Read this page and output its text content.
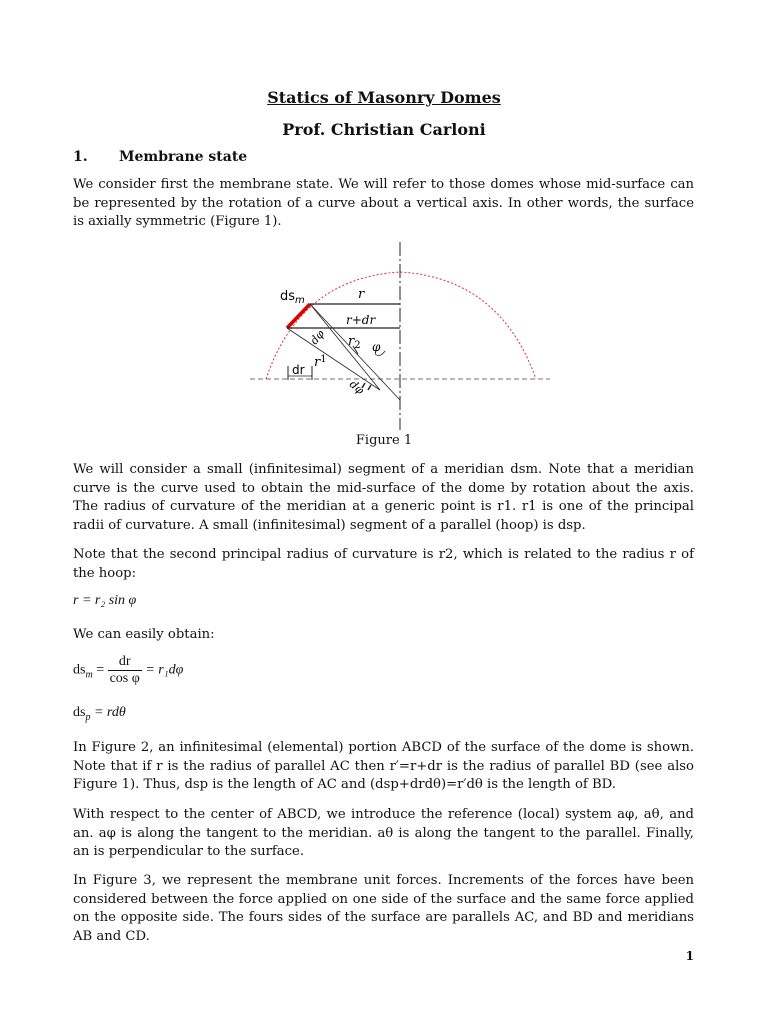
Statics of Masonry Domes
Prof. Christian Carloni
1. Membrane state
We consider first the membrane state. We will refer to those domes whose mid-surface can be represented by the rotation of a curve about a vertical axis. In other words, the surface is axially symmetric (Figure 1).
$ds_m$	r
r+dr
$r_2$ φ
dφ
$r^1$
dr
dφ
Figure 1
We will consider a small (infinitesimal) segment of a meridian dsm. Note that a meridian curve is the curve used to obtain the mid-surface of the dome by rotation about the axis. The radius of curvature of the meridian at a generic point is r1. r1 is one of the principal radii of curvature. A small (infinitesimal) segment of a parallel (hoop) is dsp.
Note that the second principal radius of curvature is r2, which is related to the radius r of the hoop:
r = r₂ sin φ
We can easily obtain:
$ds_m = \frac{dr}{\text{cos φ}} = r_1d\varphi$
$ds_p = rd\theta$
In Figure 2, an infinitesimal (elemental) portion ABCD of the surface of the dome is shown. Note that if r is the radius of parallel AC then r′=r+dr is the radius of parallel BD (see also Figure 1). Thus, dsp is the length of AC and (dsp+drdθ)=r′dθ is the length of BD.
With respect to the center of ABCD, we introduce the reference (local) system aφ, aθ, and an. aφ is along the tangent to the meridian. aθ is along the tangent to the parallel. Finally, an is perpendicular to the surface.
In Figure 3, we represent the membrane unit forces. Increments of the forces have been considered between the force applied on one side of the surface and the same force applied on the opposite side. The fours sides of the surface are parallels AC, and BD and meridians AB and CD.
1
